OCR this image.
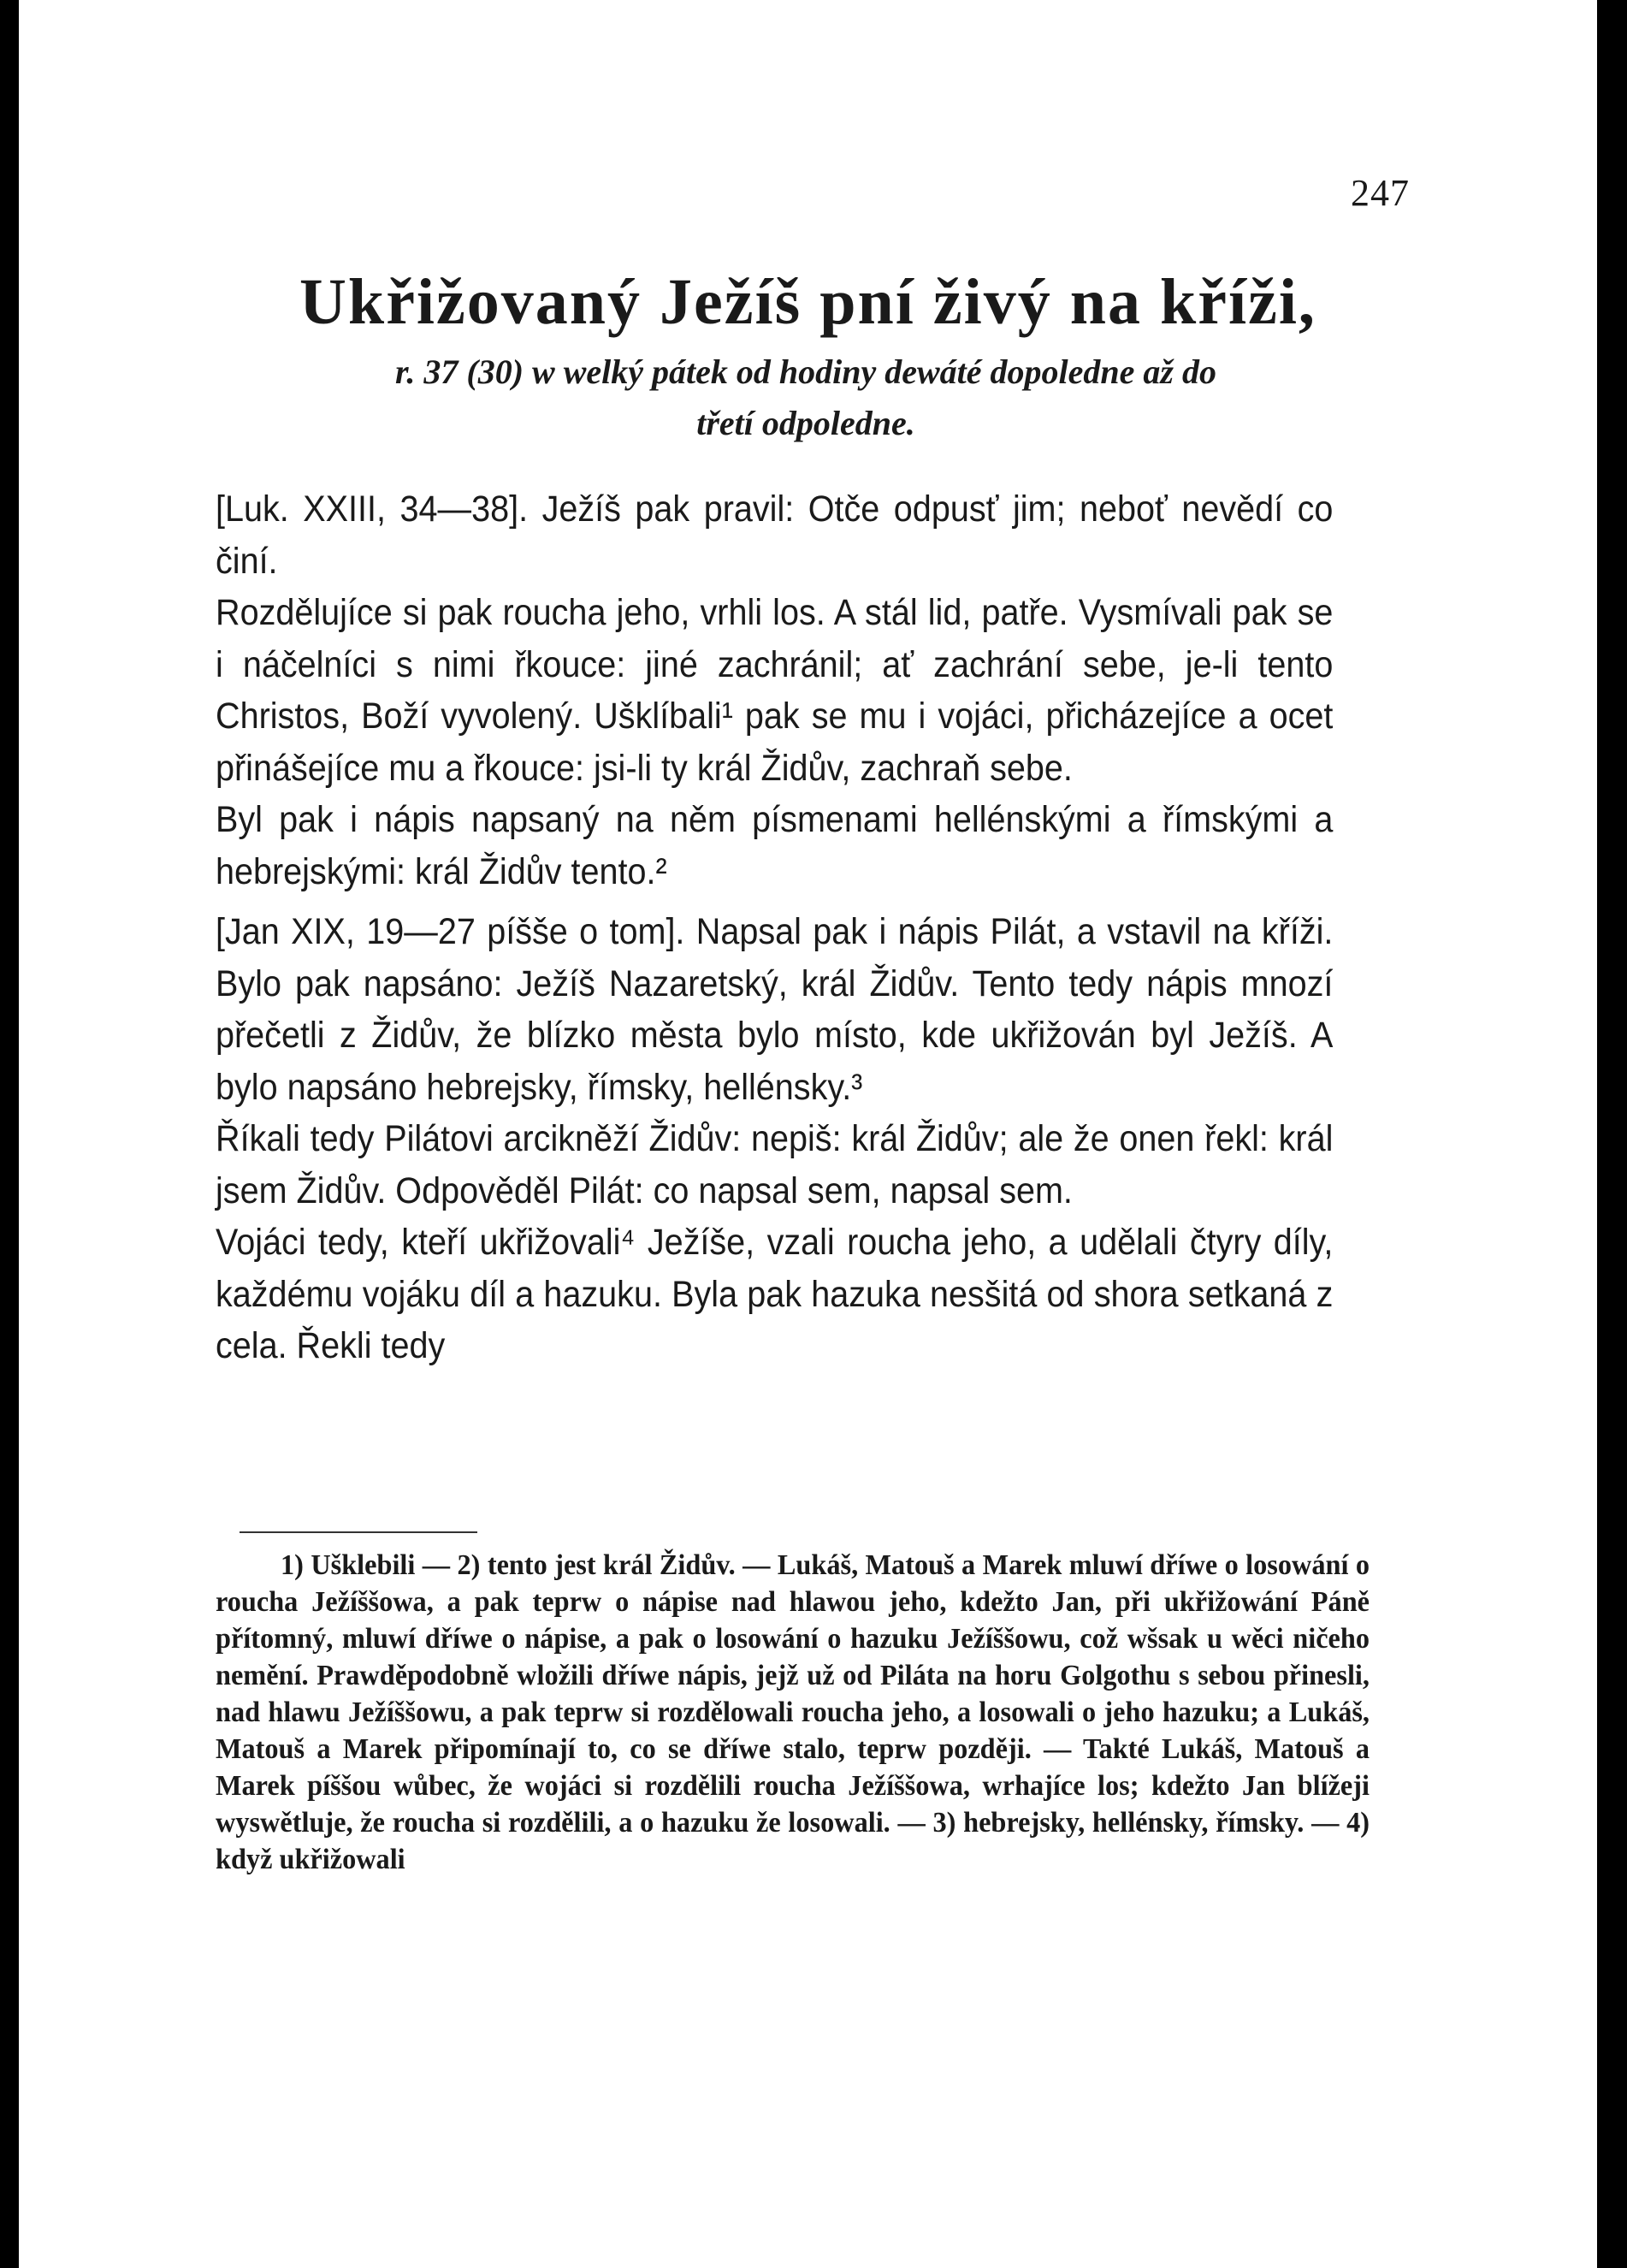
247
Ukřižovaný Ježíš pní živý na kříži,
r. 37 (30) w welký pátek od hodiny dewáté dopoledne až do
třetí odpoledne.

[Luk. XXIII, 34—38]. Ježíš pak pravil: Otče odpusť jim; neboť nevědí co činí.

Rozdělujíce si pak roucha jeho, vrhli los. A stál lid, patře. Vysmívali pak se i náčelníci s nimi řkouce: jiné zachránil; ať zachrání sebe, je-li tento Christos, Boží vyvolený. Ušklíbali¹ pak se mu i vojáci, přicházejíce a ocet přinášejíce mu a řkouce: jsi-li ty král Židův, zachraň sebe.

Byl pak i nápis napsaný na něm písmenami hellénskými a římskými a hebrejskými: král Židův tento.²

[Jan XIX, 19—27 píšše o tom]. Napsal pak i nápis Pilát, a vstavil na kříži. Bylo pak napsáno: Ježíš Nazaretský, král Židův. Tento tedy nápis mnozí přečetli z Židův, že blízko města bylo místo, kde ukřižován byl Ježíš. A bylo napsáno hebrejsky, římsky, hellénsky.³

Říkali tedy Pilátovi arcikněží Židův: nepiš: král Židův; ale že onen řekl: král jsem Židův. Odpověděl Pilát: co napsal sem, napsal sem.

Vojáci tedy, kteří ukřižovali⁴ Ježíše, vzali roucha jeho, a udělali čtyry díly, každému vojáku díl a hazuku. Byla pak hazuka nesšitá od shora setkaná z cela. Řekli tedy

1) Ušklebili — 2) tento jest král Židův. — Lukáš, Matouš a Marek mluwí dříwe o losowání o roucha Ježíššowa, a pak teprw o nápise nad hlawou jeho, kdežto Jan, při ukřižowání Páně přítomný, mluwí dříwe o nápise, a pak o losowání o hazuku Ježíššowu, což wšsak u wěci ničeho nemění. Prawděpodobně wložili dříwe nápis, jejž už od Piláta na horu Golgothu s sebou přinesli, nad hlawu Ježíššowu, a pak teprw si rozdělowali roucha jeho, a losowali o jeho hazuku; a Lukáš, Matouš a Marek připomínají to, co se dříwe stalo, teprw později. — Takté Lukáš, Matouš a Marek píššou wůbec, že wojáci si rozdělili roucha Ježíššowa, wrhajíce los; kdežto Jan blížeji wyswětluje, že roucha si rozdělili, a o hazuku že losowali. — 3) hebrejsky, hellénsky, římsky. — 4) když ukřižowali
